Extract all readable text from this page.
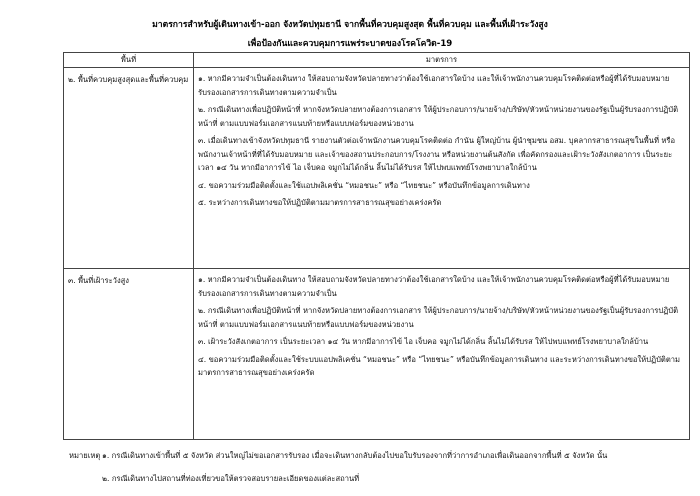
มาตรการสำหรับผู้เดินทางเข้า-ออก จังหวัดปทุมธานี จากพื้นที่ควบคุมสูงสุด พื้นที่ควบคุม และพื้นที่เฝ้าระวังสูง
เพื่อป้องกันและควบคุมการแพร่ระบาดของโรคโควิด-19
พื้นที่	มาตรการ

๒. พื้นที่ควบคุมสูงสุดและพื้นที่ควบคุม	๑. หากมีความจำเป็นต้องเดินทาง ให้สอบถามจังหวัดปลายทางว่าต้องใช้เอกสารใดบ้าง และให้เจ้าพนักงานควบคุมโรคติดต่อหรือผู้ที่ได้รับมอบหมายรับรองเอกสารการเดินทางตามความจำเป็น
๒. กรณีเดินทางเพื่อปฏิบัติหน้าที่ หากจังหวัดปลายทางต้องการเอกสาร ให้ผู้ประกอบการ/นายจ้าง/บริษัท/หัวหน้าหน่วยงานของรัฐเป็นผู้รับรองการปฏิบัติหน้าที่ ตามแบบฟอร์มเอกสารแนบท้ายหรือแบบฟอร์มของหน่วยงาน
๓. เมื่อเดินทางเข้าจังหวัดปทุมธานี รายงานตัวต่อเจ้าพนักงานควบคุมโรคติดต่อ กำนัน ผู้ใหญ่บ้าน ผู้นำชุมชน อสม. บุคลากรสาธารณสุขในพื้นที่ หรือพนักงานเจ้าหน้าที่ที่ได้รับมอบหมาย และเจ้าของสถานประกอบการ/โรงงาน หรือหน่วยงานต้นสังกัด เพื่อคัดกรองและเฝ้าระวังสังเกตอาการ เป็นระยะเวลา ๑๔ วัน หากมีอาการไข้ ไอ เจ็บคอ จมูกไม่ได้กลิ่น ลิ้นไม่ได้รับรส ให้ไปพบแพทย์โรงพยาบาลใกล้บ้าน
๔. ขอความร่วมมือติดตั้งและใช้แอปพลิเคชั่น “หมอชนะ” หรือ “ไทยชนะ” หรือบันทึกข้อมูลการเดินทาง
๕. ระหว่างการเดินทางขอให้ปฏิบัติตามมาตรการสาธารณสุขอย่างเคร่งครัด

๓. พื้นที่เฝ้าระวังสูง	๑. หากมีความจำเป็นต้องเดินทาง ให้สอบถามจังหวัดปลายทางว่าต้องใช้เอกสารใดบ้าง และให้เจ้าพนักงานควบคุมโรคติดต่อหรือผู้ที่ได้รับมอบหมายรับรองเอกสารการเดินทางตามความจำเป็น
๒. กรณีเดินทางเพื่อปฏิบัติหน้าที่ หากจังหวัดปลายทางต้องการเอกสาร ให้ผู้ประกอบการ/นายจ้าง/บริษัท/หัวหน้าหน่วยงานของรัฐเป็นผู้รับรองการปฏิบัติหน้าที่ ตามแบบฟอร์มเอกสารแนบท้ายหรือแบบฟอร์มของหน่วยงาน
๓. เฝ้าระวังสังเกตอาการ เป็นระยะเวลา ๑๔ วัน หากมีอาการไข้ ไอ เจ็บคอ จมูกไม่ได้กลิ่น ลิ้นไม่ได้รับรส ให้ไปพบแพทย์โรงพยาบาลใกล้บ้าน
๔. ขอความร่วมมือติดตั้งและใช้ระบบแอปพลิเคชั่น “หมอชนะ” หรือ “ไทยชนะ” หรือบันทึกข้อมูลการเดินทาง และระหว่างการเดินทางขอให้ปฏิบัติตามมาตรการสาธารณสุขอย่างเคร่งครัด
หมายเหตุ ๑. กรณีเดินทางเข้าพื้นที่ ๕ จังหวัด ส่วนใหญ่ไม่ขอเอกสารรับรอง เมื่อจะเดินทางกลับต้องไปขอใบรับรองจากที่ว่าการอำเภอเพื่อเดินออกจากพื้นที่ ๕ จังหวัด นั้น
๒. กรณีเดินทางไปสถานที่ท่องเที่ยวขอให้ตรวจสอบรายละเอียดของแต่ละสถานที่
